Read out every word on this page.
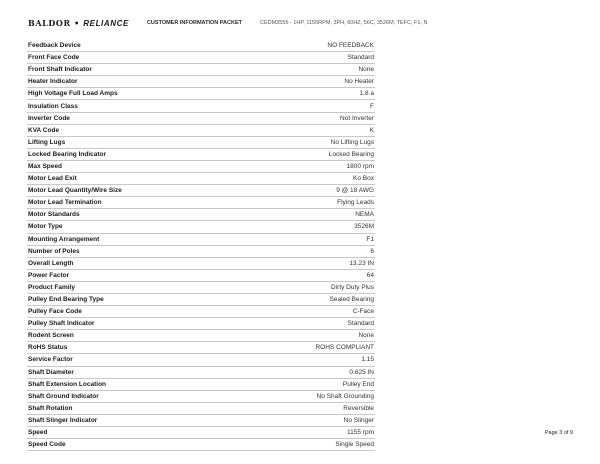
BALDOR • RELIANCE	CUSTOMER INFORMATION PACKET	CEDM3556 - 1HP, 1155RPM, 3PH, 60HZ, 56C, 3526M, TEFC, F1, N
Feedback Device	NO FEEDBACK
Front Face Code	Standard
Front Shaft Indicator	None
Heater Indicator	No Heater
High Voltage Full Load Amps	1.8 a
Insulation Class	F
Inverter Code	Not Inverter
KVA Code	K
Lifting Lugs	No Lifting Lugs
Locked Bearing Indicator	Locked Bearing
Max Speed	1800 rpm
Motor Lead Exit	Ko Box
Motor Lead Quantity/Wire Size	9 @ 18 AWG
Motor Lead Termination	Flying Leads
Motor Standards	NEMA
Motor Type	3526M
Mounting Arrangement	F1
Number of Poles	6
Overall Length	13.23 IN
Power Factor	64
Product Family	Dirty Duty Plus
Pulley End Bearing Type	Sealed Bearing
Pulley Face Code	C-Face
Pulley Shaft Indicator	Standard
Rodent Screen	None
RoHS Status	ROHS COMPLIANT
Service Factor	1.15
Shaft Diameter	0.625 IN
Shaft Extension Location	Pulley End
Shaft Ground Indicator	No Shaft Grounding
Shaft Rotation	Reversible
Shaft Slinger Indicator	No Slinger
Speed	1155 rpm
Speed Code	Single Speed
Page 3 of 9
